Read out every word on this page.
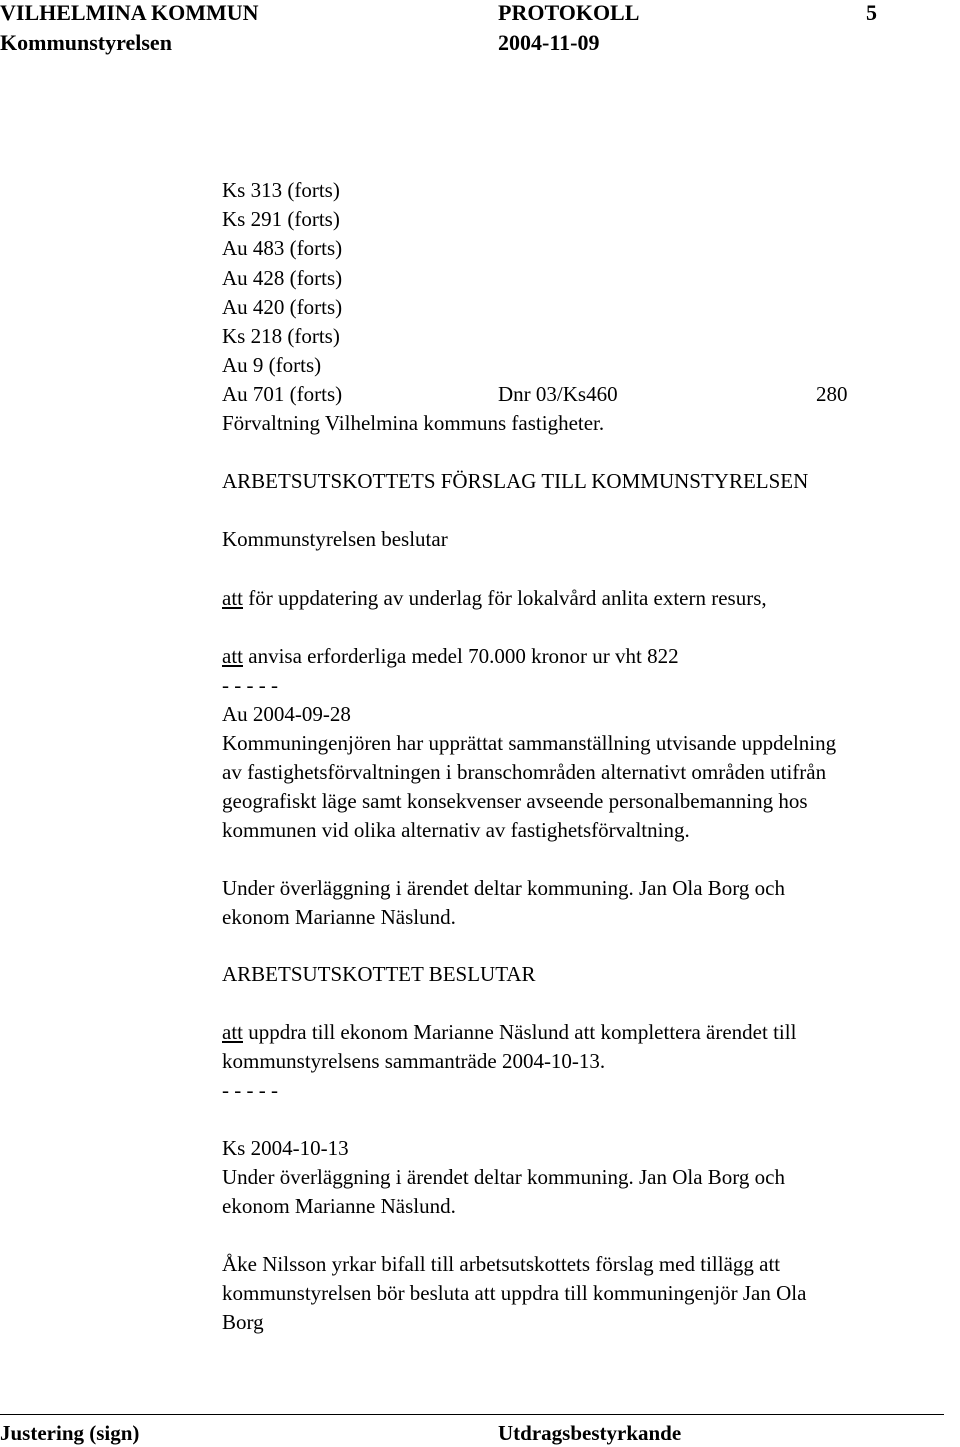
VILHELMINA KOMMUN	PROTOKOLL	5
Kommunstyrelsen	2004-11-09
Ks 313 (forts)
Ks 291 (forts)
Au 483 (forts)
Au 428 (forts)
Au 420 (forts)
Ks 218 (forts)
Au 9 (forts)
Au 701 (forts)	Dnr 03/Ks460	280
Förvaltning Vilhelmina kommuns fastigheter.
ARBETSUTSKOTTETS FÖRSLAG TILL KOMMUNSTYRELSEN
Kommunstyrelsen beslutar
att för uppdatering av underlag för lokalvård anlita extern resurs,
att anvisa erforderliga medel 70.000 kronor ur vht 822
- - - - -
Au 2004-09-28
Kommuningenjören har upprättat sammanställning utvisande uppdelning
av fastighetsförvaltningen i branschområden alternativt områden utifrån
geografiskt läge samt konsekvenser avseende personalbemanning hos
kommunen vid olika alternativ av fastighetsförvaltning.
Under överläggning i ärendet deltar kommuning. Jan Ola Borg och
ekonom Marianne Näslund.
ARBETSUTSKOTTET BESLUTAR
att uppdra till ekonom Marianne Näslund att komplettera ärendet till
kommunstyrelsens sammanträde 2004-10-13.
- - - - -
Ks 2004-10-13
Under överläggning i ärendet deltar kommuning. Jan Ola Borg och
ekonom Marianne Näslund.
Åke Nilsson yrkar bifall till arbetsutskottets förslag med tillägg att
kommunstyrelsen bör besluta att uppdra till kommuningenjör Jan Ola
Borg
Justering (sign)	Utdragsbestyrkande
